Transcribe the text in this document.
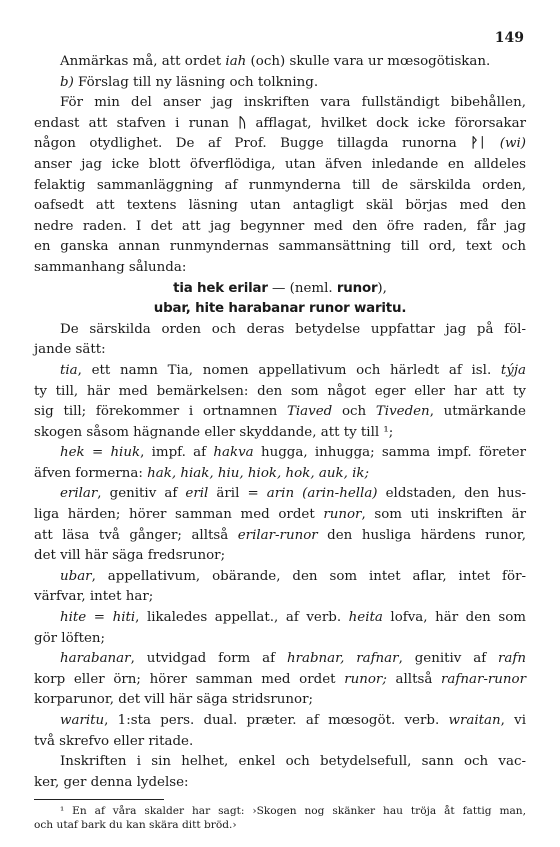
149
Anmärkas må, att ordet iah (och) skulle vara ur mœsogötiskan.
b) Förslag till ny läsning och tolkning.
För min del anser jag inskriften vara fullständigt bibehållen,
endast att stafven i runan ᚢ afflagat, hvilket dock icke förorsakar
någon otydlighet. De af Prof. Bugge tillagda runorna ᚹᛁ (wi)
anser jag icke blott öfverflödiga, utan äfven inledande en alldeles
felaktig sammanläggning af runmynderna till de särskilda orden,
oafsedt att textens läsning utan antagligt skäl börjas med den
nedre raden. I det att jag begynner med den öfre raden, får jag
en ganska annan runmyndernas sammansättning till ord, text och
sammanhang sålunda:
tia hek erilar — (neml. runor),
ubar, hite harabanar runor waritu.
De särskilda orden och deras betydelse uppfattar jag på föl-
jande sätt:
tia, ett namn Tia, nomen appellativum och härledt af isl. týja
ty till, här med bemärkelsen: den som något eger eller har att ty
sig till; förekommer i ortnamnen Tiaved och Tiveden, utmärkande
skogen såsom hägnande eller skyddande, att ty till ¹;
hek = hiuk, impf. af hakva hugga, inhugga; samma impf. företer
äfven formerna: hak, hiak, hiu, hiok, hok, auk, ik;
erilar, genitiv af eril äril = arin (arin-hella) eldstaden, den hus-
liga härden; hörer samman med ordet runor, som uti inskriften är
att läsa två gånger; alltså erilar-runor den husliga härdens runor,
det vill här säga fredsrunor;
ubar, appellativum, obärande, den som intet aflar, intet för-
värfvar, intet har;
hite = hiti, likaledes appellat., af verb. heita lofva, här den som
gör löften;
harabanar, utvidgad form af hrabnar, rafnar, genitiv af rafn
korp eller örn; hörer samman med ordet runor; alltså rafnar-runor
korparunor, det vill här säga stridsrunor;
waritu, 1:sta pers. dual. præter. af mœsogöt. verb. wraitan, vi
två skrefvo eller ritade.
Inskriften i sin helhet, enkel och betydelsefull, sann och vac-
ker, ger denna lydelse:
¹ En af våra skalder har sagt: ›Skogen nog skänker hau tröja åt fattig man,
och utaf bark du kan skära ditt bröd.›
